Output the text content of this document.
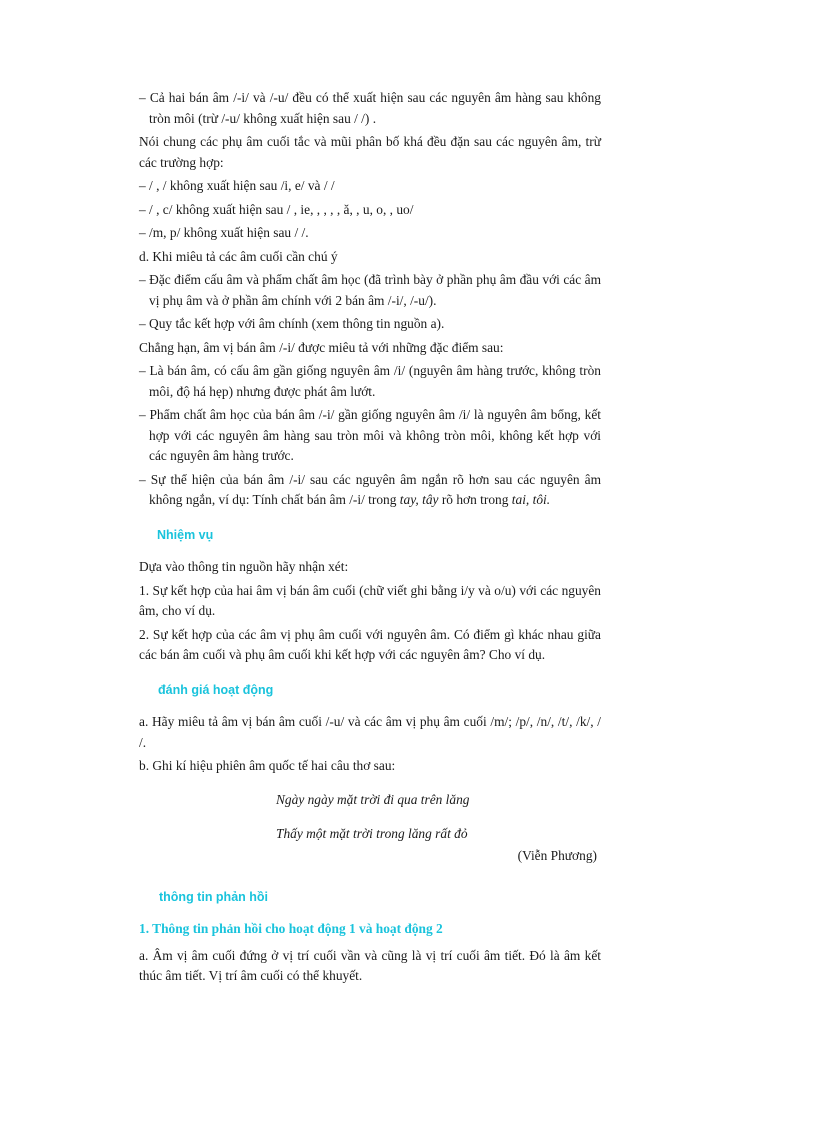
– Cả hai bán âm /-i/ và /-u/ đều có thể xuất hiện sau các nguyên âm hàng sau không tròn môi (trừ /-u/ không xuất hiện sau / /) .

Nói chung các phụ âm cuối tắc và mũi phân bố khá đều đặn sau các nguyên âm, trừ các trường hợp:

– / , / không xuất hiện sau /i, e/ và / /

– / , c/ không xuất hiện sau / , ie, , , , , ă, , u, o, , uo/

– /m, p/ không xuất hiện sau / /.

d. Khi miêu tả các âm cuối cần chú ý

– Đặc điểm cấu âm và phẩm chất âm học (đã trình bày ở phần phụ âm đầu với các âm vị phụ âm và ở phần âm chính với 2 bán âm /-i/, /-u/).

– Quy tắc kết hợp với âm chính (xem thông tin nguồn a).

Chẳng hạn, âm vị bán âm /-i/ được miêu tả với những đặc điểm sau:

– Là bán âm, có cấu âm gần giống nguyên âm /i/ (nguyên âm hàng trước, không tròn môi, độ há hẹp) nhưng được phát âm lướt.

– Phẩm chất âm học của bán âm /-i/ gần giống nguyên âm /i/ là nguyên âm bổng, kết hợp với các nguyên âm hàng sau tròn môi và không tròn môi, không kết hợp với các nguyên âm hàng trước.

– Sự thể hiện của bán âm /-i/ sau các nguyên âm ngắn rõ hơn sau các nguyên âm không ngắn, ví dụ: Tính chất bán âm /-i/ trong tay, tây rõ hơn trong tai, tôi.

Nhiệm vụ

Dựa vào thông tin nguồn hãy nhận xét:

1. Sự kết hợp của hai âm vị bán âm cuối (chữ viết ghi bằng i/y và o/u) với các nguyên âm, cho ví dụ.

2. Sự kết hợp của các âm vị phụ âm cuối với nguyên âm. Có điểm gì khác nhau giữa các bán âm cuối và phụ âm cuối khi kết hợp với các nguyên âm? Cho ví dụ.

đánh giá hoạt động

a. Hãy miêu tả âm vị bán âm cuối /-u/ và các âm vị phụ âm cuối /m/; /p/, /n/, /t/, /k/, / /.

b. Ghi kí hiệu phiên âm quốc tế hai câu thơ sau:

Ngày ngày mặt trời đi qua trên lăng

Thấy một mặt trời trong lăng rất đỏ

(Viễn Phương)

thông tin phản hồi
1. Thông tin phản hồi cho hoạt động 1 và hoạt động 2

a. Âm vị âm cuối đứng ở vị trí cuối vần và cũng là vị trí cuối âm tiết. Đó là âm kết thúc âm tiết. Vị trí âm cuối có thể khuyết.
